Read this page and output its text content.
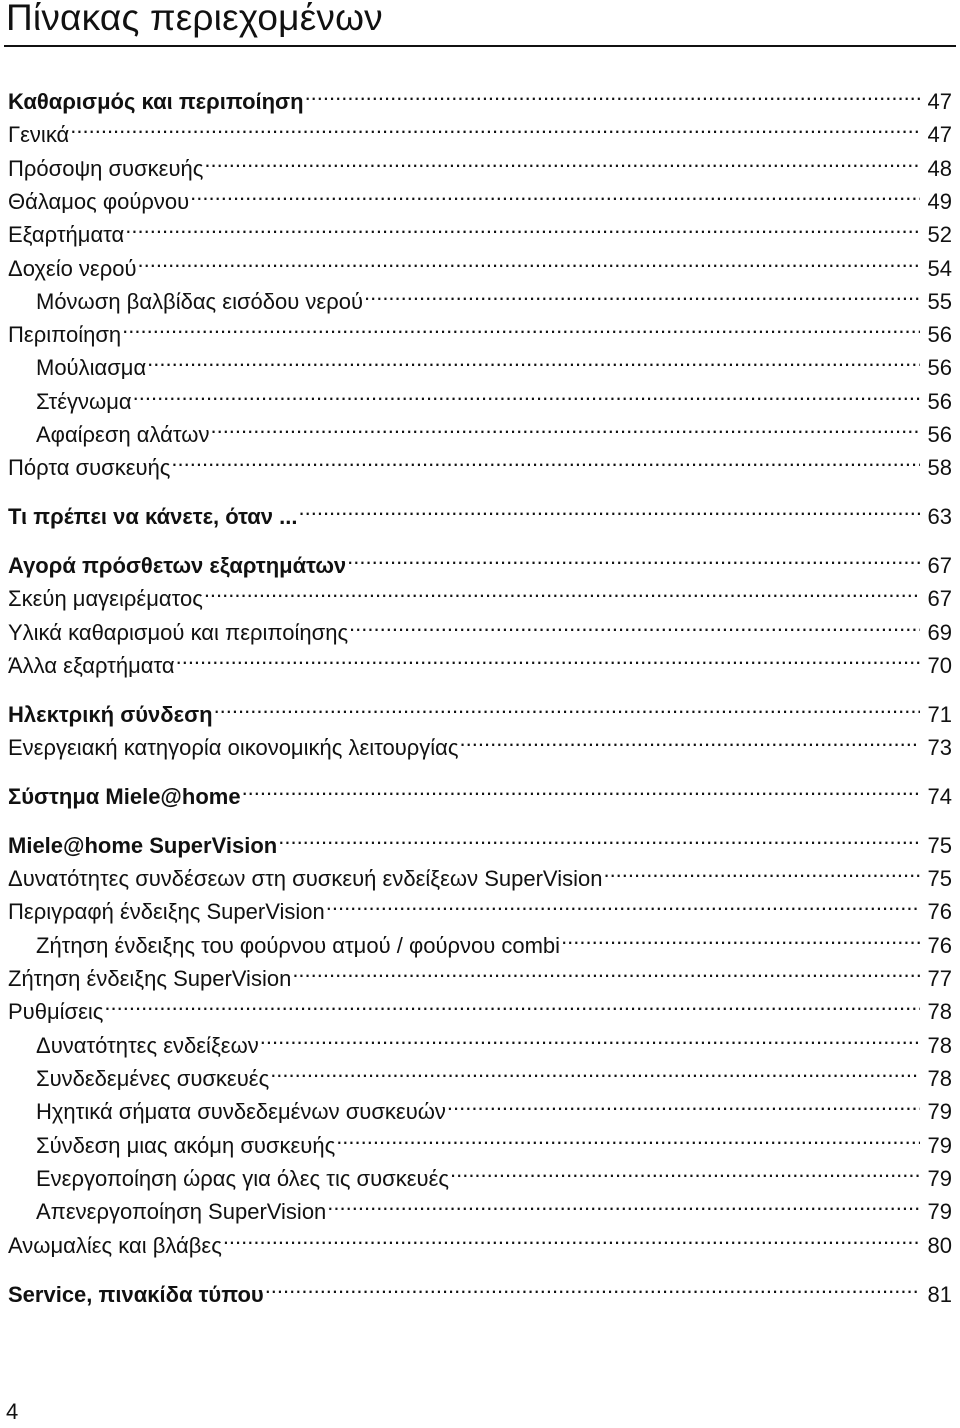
Πίνακας περιεχομένων
Καθαρισμός και περιποίηση .....	47
Γενικά .....	47
Πρόσοψη συσκευής .....	48
Θάλαμος φούρνου .....	49
Εξαρτήματα .....	52
Δοχείο νερού .....	54
Μόνωση βαλβίδας εισόδου νερού .....	55
Περιποίηση .....	56
Μούλιασμα .....	56
Στέγνωμα .....	56
Αφαίρεση αλάτων .....	56
Πόρτα συσκευής .....	58
Τι πρέπει να κάνετε, όταν ... .....	63
Αγορά πρόσθετων εξαρτημάτων .....	67
Σκεύη μαγειρέματος .....	67
Υλικά καθαρισμού και περιποίησης .....	69
Άλλα εξαρτήματα .....	70
Ηλεκτρική σύνδεση .....	71
Ενεργειακή κατηγορία οικονομικής λειτουργίας .....	73
Σύστημα Miele@home .....	74
Miele@home SuperVision .....	75
Δυνατότητες συνδέσεων στη συσκευή ενδείξεων SuperVision .....	75
Περιγραφή ένδειξης SuperVision .....	76
Ζήτηση ένδειξης του φούρνου ατμού / φούρνου combi .....	76
Ζήτηση ένδειξης SuperVision .....	77
Ρυθμίσεις .....	78
Δυνατότητες ενδείξεων .....	78
Συνδεδεμένες συσκευές .....	78
Ηχητικά σήματα συνδεδεμένων συσκευών .....	79
Σύνδεση μιας ακόμη συσκευής .....	79
Ενεργοποίηση ώρας για όλες τις συσκευές .....	79
Απενεργοποίηση SuperVision .....	79
Ανωμαλίες και βλάβες .....	80
Service, πινακίδα τύπου .....	81
4
